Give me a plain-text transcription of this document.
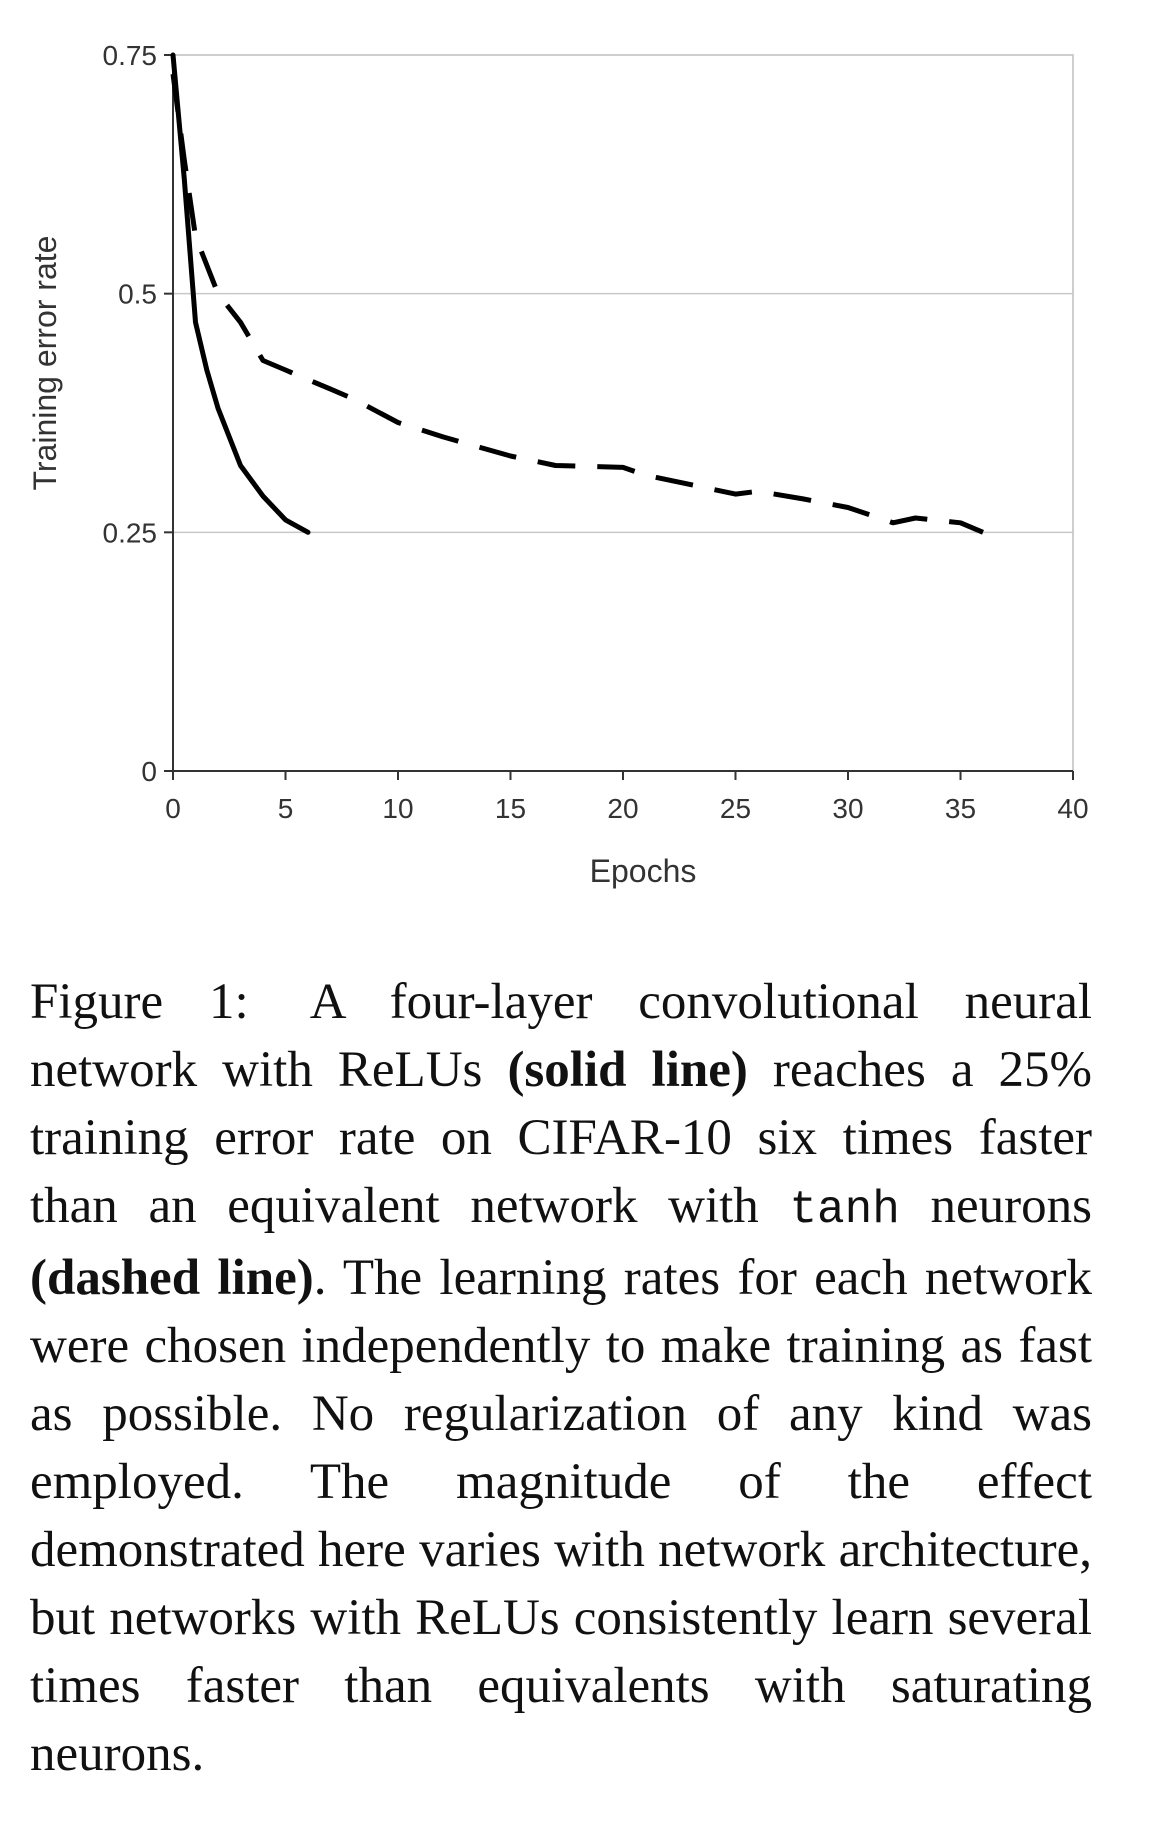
0
0.25
0.5
0.75
0	5	10	15	20	25	30	35	40
Epochs
Training error rate

Figure 1: A four-layer convolutional neural network with ReLUs (solid line) reaches a 25% training error rate on CIFAR-10 six times faster than an equivalent network with tanh neurons (dashed line). The learning rates for each network were chosen independently to make training as fast as possible. No regularization of any kind was employed. The magnitude of the effect demonstrated here varies with network architecture, but networks with ReLUs consistently learn several times faster than equivalents with saturating neurons.
